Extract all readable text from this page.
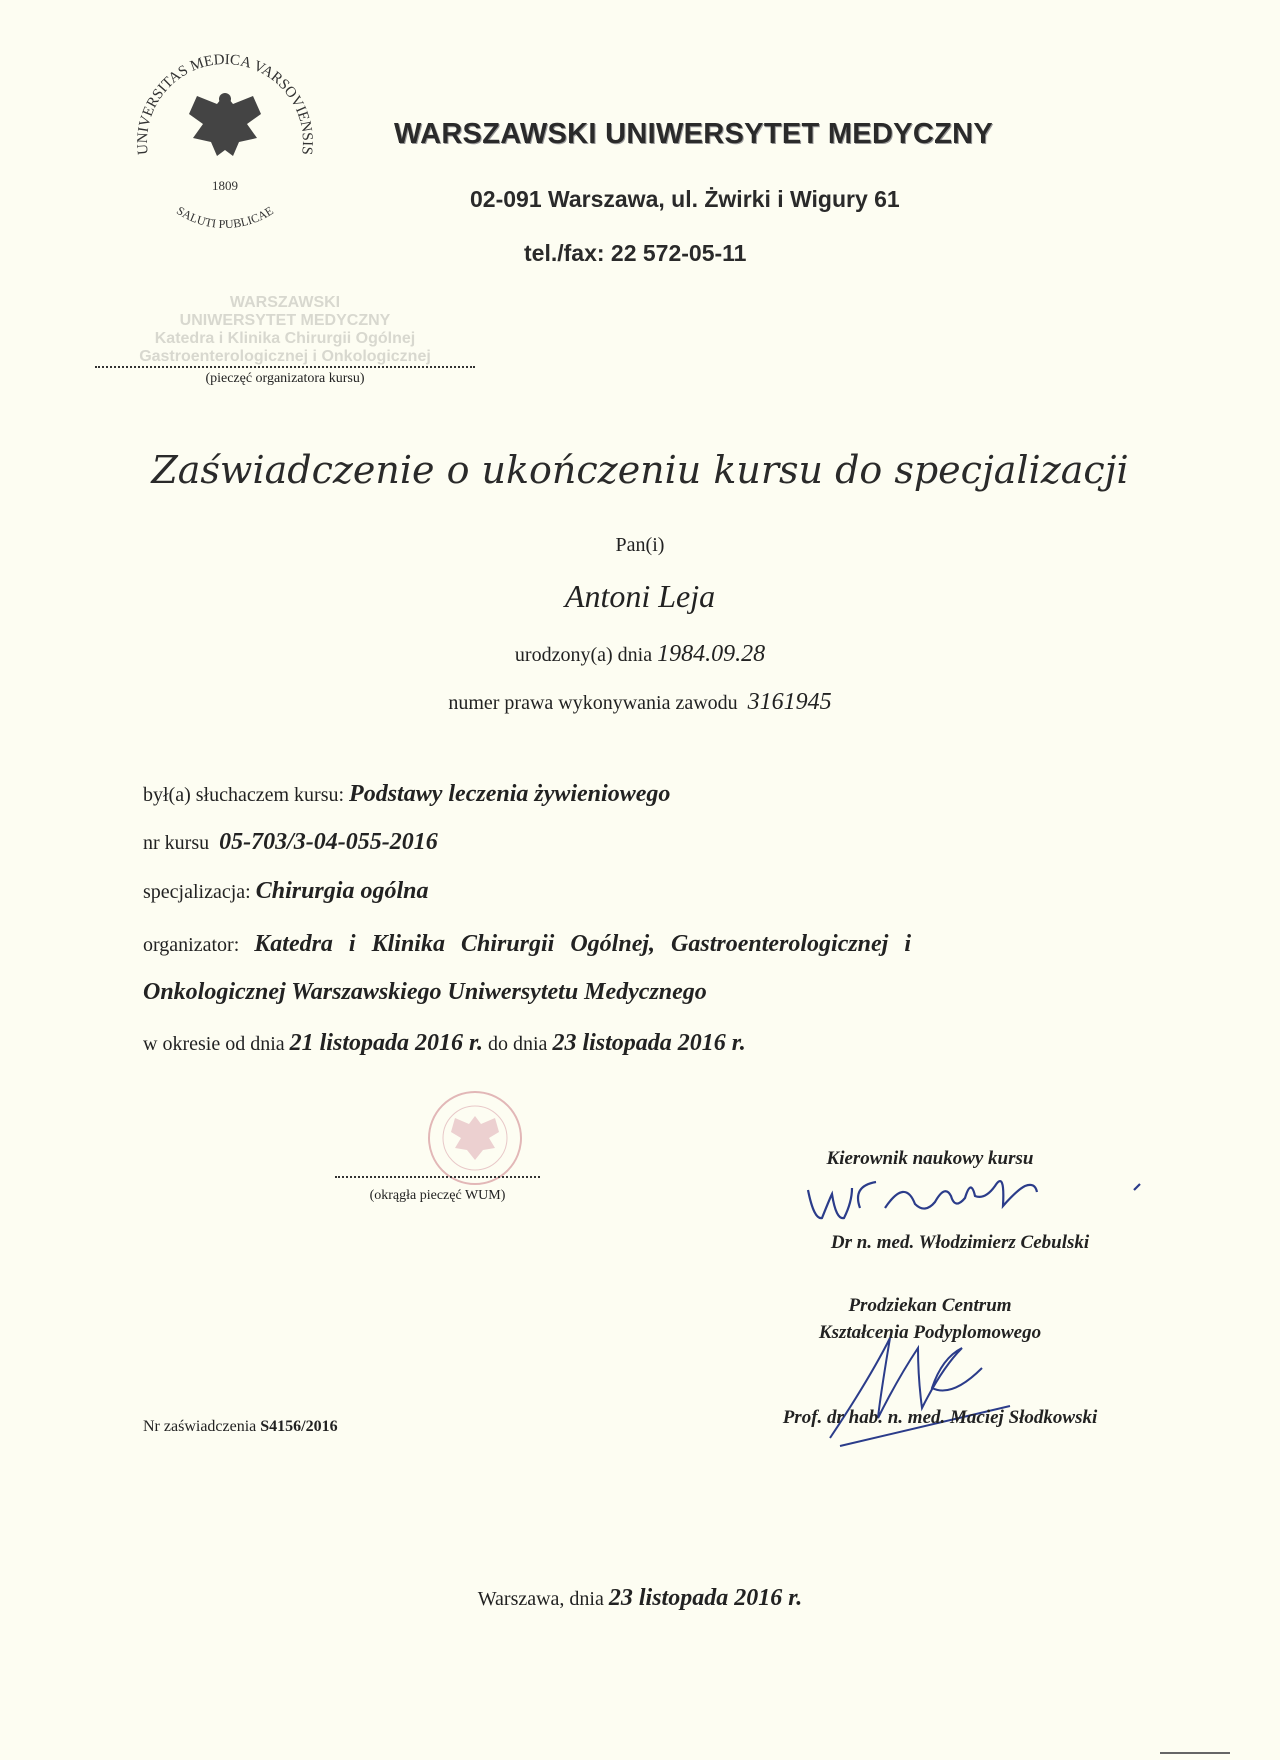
UNIVERSITAS MEDICA VARSOVIENSIS
SALUTI PUBLICAE
1809
WARSZAWSKI UNIWERSYTET MEDYCZNY
02-091 Warszawa, ul. Żwirki i Wigury 61
tel./fax: 22 572-05-11
WARSZAWSKI
UNIWERSYTET MEDYCZNY
Katedra i Klinika Chirurgii Ogólnej
Gastroenterologicznej i Onkologicznej
(pieczęć organizatora kursu)
Zaświadczenie o ukończeniu kursu do specjalizacji
Pan(i)
Antoni Leja
urodzony(a) dnia 1984.09.28
numer prawa wykonywania zawodu 3161945
był(a) słuchaczem kursu: Podstawy leczenia żywieniowego
nr kursu 05-703/3-04-055-2016
specjalizacja: Chirurgia ogólna
organizator: Katedra i Klinika Chirurgii Ogólnej, Gastroenterologicznej i
Onkologicznej Warszawskiego Uniwersytetu Medycznego
w okresie od dnia 21 listopada 2016 r. do dnia 23 listopada 2016 r.
(okrągła pieczęć WUM)
Kierownik naukowy kursu
Dr n. med. Włodzimierz Cebulski
Prodziekan Centrum
Kształcenia Podyplomowego
Prof. dr hab. n. med. Maciej Słodkowski
Nr zaświadczenia S4156/2016
Warszawa, dnia 23 listopada 2016 r.
